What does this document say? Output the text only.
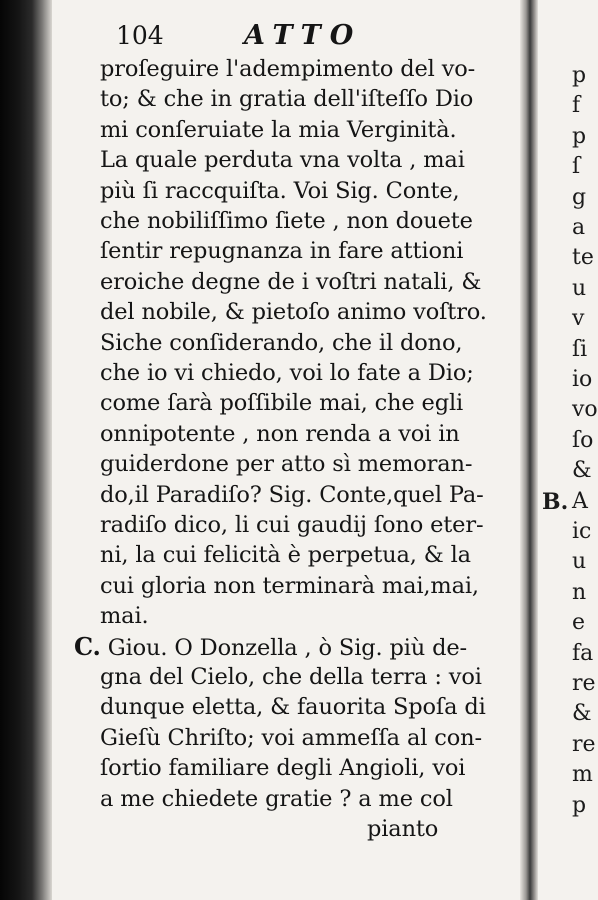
104	ATTO
proſeguire l'adempimento del vo-
to; & che in gratia dell'iſteſſo Dio
mi conſeruiate la mia Verginità.
La quale perduta vna volta , mai
più ſi raccquiſta. Voi Sig. Conte,
che nobiliſſimo ſiete , non douete
ſentir repugnanza in fare attioni
eroiche degne de i voſtri natali, &
del nobile, & pietoſo animo voſtro.
Siche conſiderando, che il dono,
che io vi chiedo, voi lo fate a Dio;
come ſarà poſſibile mai, che egli
onnipotente , non renda a voi in
guiderdone per atto sì memoran-
do,il Paradiſo? Sig. Conte,quel Pa-
radiſo dico, li cui gaudij ſono eter-
ni, la cui felicità è perpetua, & la
cui gloria non terminarà mai,mai,
mai.
C. Giou. O Donzella , ò Sig. più de-
gna del Cielo, che della terra : voi
dunque eletta, & fauorita Spoſa di
Gieſù Chriſto; voi ammeſſa al con-
ſortio familiare degli Angioli, voi
a me chiedete gratie ? a me col
pianto
p
f
p
ſ
g
a
te
u
v
ſi
io
vo
ſo
&
B. A
ic
u
n
e
fa
re
&
re
m
p
